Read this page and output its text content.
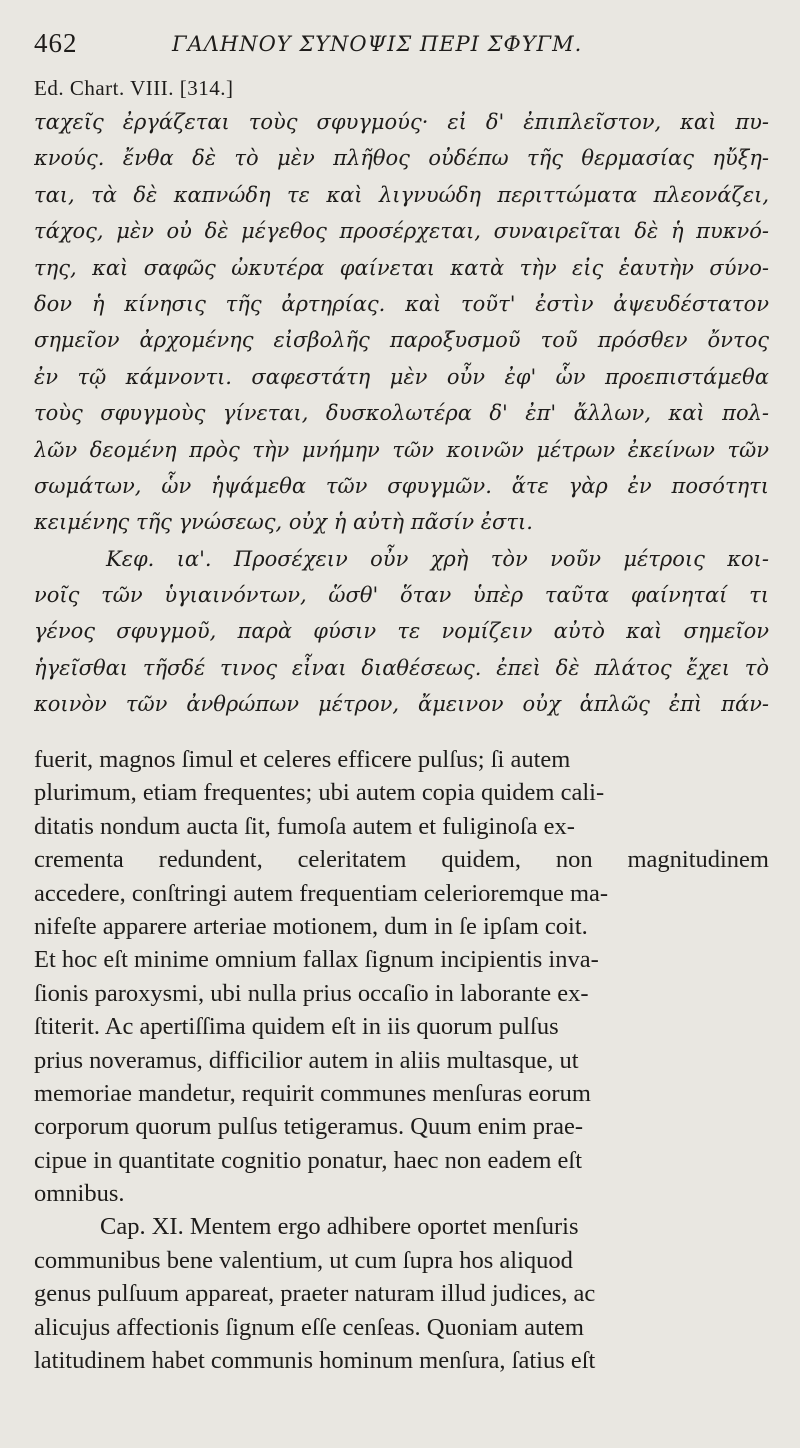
462	ΓΑΛΗΝΟΥ ΣΥΝΟΨΙΣ ΠΕΡΙ ΣΦΥΓΜ.
Ed. Chart. VIII. [314.]
ταχεῖς ἐργάζεται τοὺς σφυγμούς· εἰ δ' ἐπιπλεῖστον, καὶ πυ-
κνούς. ἔνθα δὲ τὸ μὲν πλῆθος οὐδέπω τῆς θερμασίας ηὔξη-
ται, τὰ δὲ καπνώδη τε καὶ λιγνυώδη περιττώματα πλεονάζει,
τάχος, μὲν οὐ δὲ μέγεθος προσέρχεται, συναιρεῖται δὲ ἡ πυκνό-
της, καὶ σαφῶς ὠκυτέρα φαίνεται κατὰ τὴν εἰς ἑαυτὴν σύνο-
δον ἡ κίνησις τῆς ἀρτηρίας. καὶ τοῦτ' ἐστὶν ἀψευδέστατον
σημεῖον ἀρχομένης εἰσβολῆς παροξυσμοῦ τοῦ πρόσθεν ὄντος
ἐν τῷ κάμνοντι. σαφεστάτη μὲν οὖν ἐφ' ὧν προεπιστάμεθα
τοὺς σφυγμοὺς γίνεται, δυσκολωτέρα δ' ἐπ' ἄλλων, καὶ πολ-
λῶν δεομένη πρὸς τὴν μνήμην τῶν κοινῶν μέτρων ἐκείνων τῶν
σωμάτων, ὧν ἡψάμεθα τῶν σφυγμῶν. ἅτε γὰρ ἐν ποσότητι
κειμένης τῆς γνώσεως, οὐχ ἡ αὐτὴ πᾶσίν ἐστι.
Κεφ. ια'. Προσέχειν οὖν χρὴ τὸν νοῦν μέτροις κοι-
νοῖς τῶν ὑγιαινόντων, ὥσθ' ὅταν ὑπὲρ ταῦτα φαίνηταί τι
γένος σφυγμοῦ, παρὰ φύσιν τε νομίζειν αὐτὸ καὶ σημεῖον
ἡγεῖσθαι τῆσδέ τινος εἶναι διαθέσεως. ἐπεὶ δὲ πλάτος ἔχει τὸ
κοινὸν τῶν ἀνθρώπων μέτρον, ἄμεινον οὐχ ἁπλῶς ἐπὶ πάν-
fuerit, magnos ſimul et celeres efficere pulſus; ſi autem
plurimum, etiam frequentes; ubi autem copia quidem cali-
ditatis nondum aucta ſit, fumoſa autem et fuliginoſa ex-
crementa redundent, celeritatem quidem, non magnitudinem
accedere, conſtringi autem frequentiam celerioremque ma-
nifeſte apparere arteriae motionem, dum in ſe ipſam coit.
Et hoc eſt minime omnium fallax ſignum incipientis inva-
ſionis paroxysmi, ubi nulla prius occaſio in laborante ex-
ſtiterit. Ac apertiſſima quidem eſt in iis quorum pulſus
prius noveramus, difficilior autem in aliis multasque, ut
memoriae mandetur, requirit communes menſuras eorum
corporum quorum pulſus tetigeramus. Quum enim prae-
cipue in quantitate cognitio ponatur, haec non eadem eſt
omnibus.
Cap. XI. Mentem ergo adhibere oportet menſuris
communibus bene valentium, ut cum ſupra hos aliquod
genus pulſuum appareat, praeter naturam illud judices, ac
alicujus affectionis ſignum eſſe cenſeas. Quoniam autem
latitudinem habet communis hominum menſura, ſatius eſt
